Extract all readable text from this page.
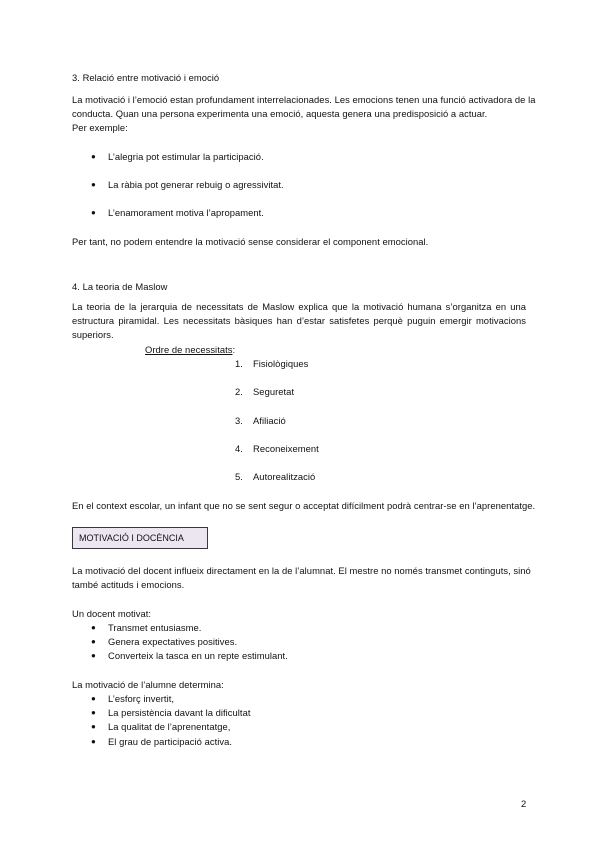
3. Relació entre motivació i emoció
La motivació i l’emoció estan profundament interrelacionades. Les emocions tenen una funció activadora de la
conducta. Quan una persona experimenta una emoció, aquesta genera una predisposició a actuar.
Per exemple:
● L’alegria pot estimular la participació.
● La ràbia pot generar rebuig o agressivitat.
● L’enamorament motiva l’apropament.
Per tant, no podem entendre la motivació sense considerar el component emocional.
4. La teoria de Maslow
La teoria de la jerarquia de necessitats de Maslow explica que la motivació humana s’organitza en una
estructura piramidal. Les necessitats bàsiques han d’estar satisfetes perquè puguin emergir motivacions
superiors.
Ordre de necessitats:
1. Fisiològiques
2. Seguretat
3. Afiliació
4. Reconeixement
5. Autorealització
En el context escolar, un infant que no se sent segur o acceptat difícilment podrà centrar-se en l’aprenentatge.
MOTIVACIÓ I DOCÈNCIA
La motivació del docent influeix directament en la de l’alumnat. El mestre no només transmet continguts, sinó
també actituds i emocions.
Un docent motivat:
● Transmet entusiasme.
● Genera expectatives positives.
● Converteix la tasca en un repte estimulant.
La motivació de l’alumne determina:
● L’esforç invertit,
● La persistència davant la dificultat
● La qualitat de l’aprenentatge,
● El grau de participació activa.
2
